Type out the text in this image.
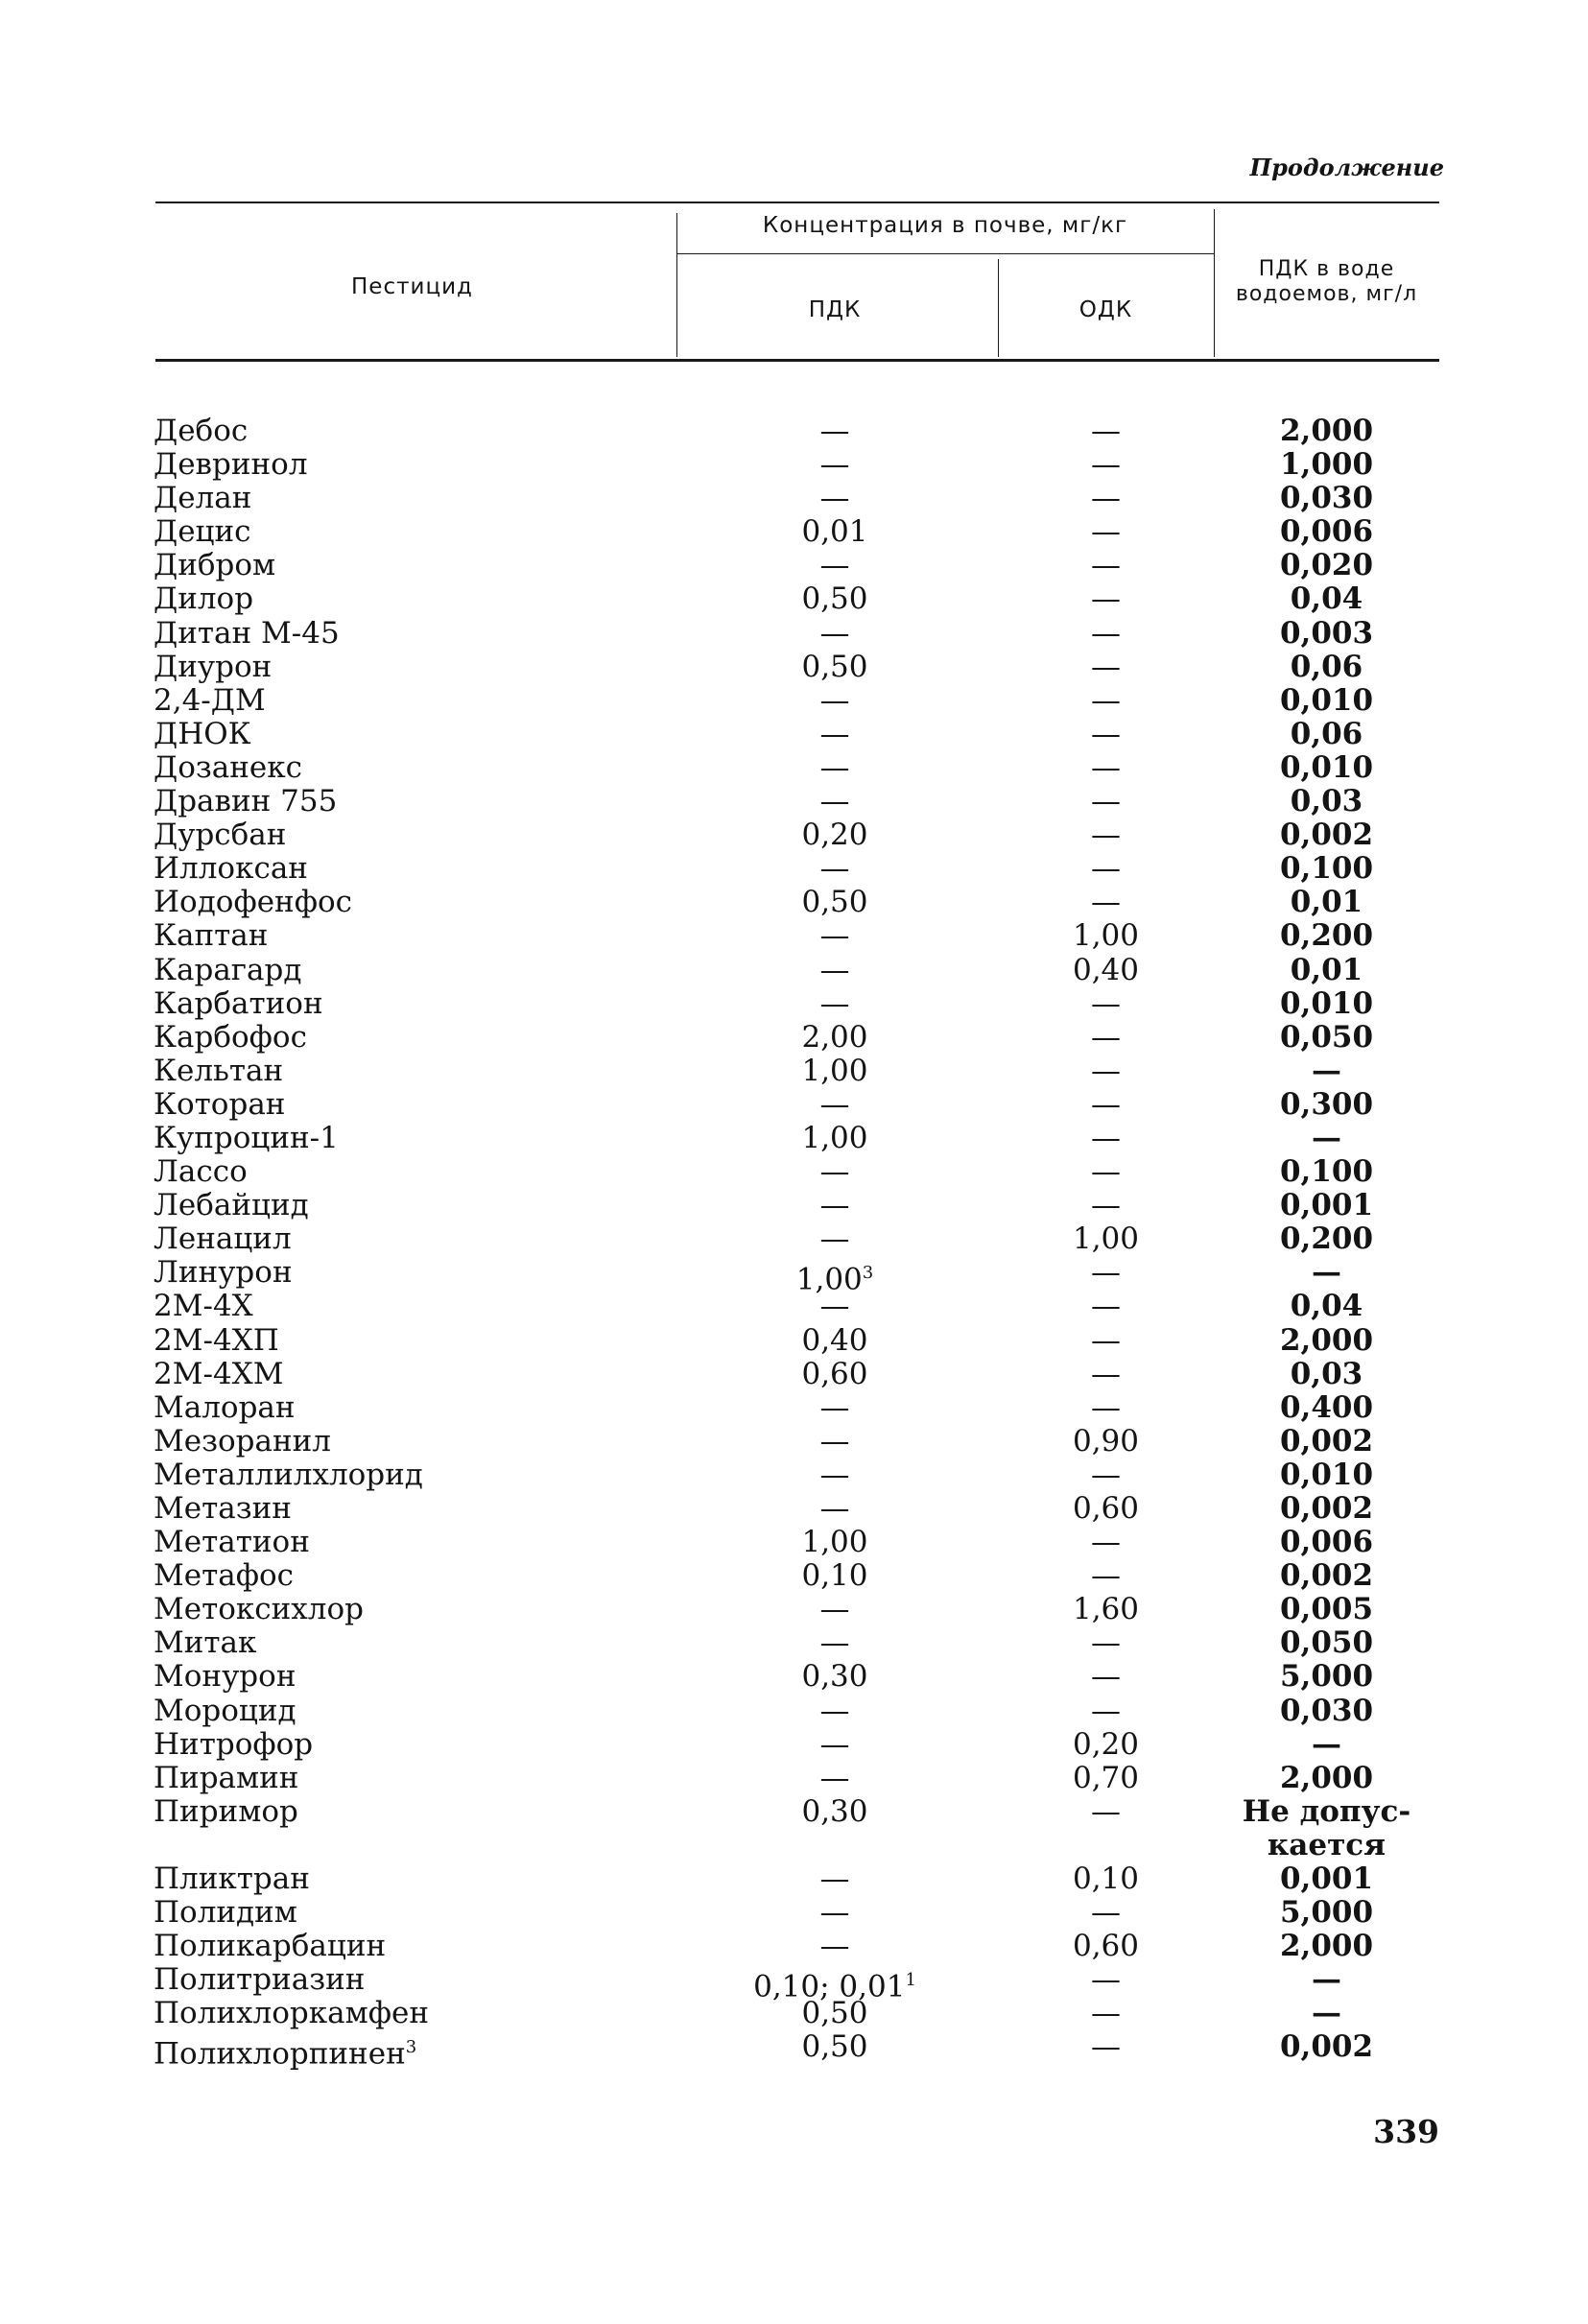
Продолжение
Пестицид
Концентрация в почве, мг/кг
ПДК	ОДК
ПДК в воде
водоемов, мг/л
Дебос	—	—	2,000
Девринол	—	—	1,000
Делан	—	—	0,030
Децис	0,01	—	0,006
Дибром	—	—	0,020
Дилор	0,50	—	0,04
Дитан М-45	—	—	0,003
Диурон	0,50	—	0,06
2,4-ДМ	—	—	0,010
ДНОК	—	—	0,06
Дозанекс	—	—	0,010
Дравин 755	—	—	0,03
Дурсбан	0,20	—	0,002
Иллоксан	—	—	0,100
Иодофенфос	0,50	—	0,01
Каптан	—	1,00	0,200
Карагард	—	0,40	0,01
Карбатион	—	—	0,010
Карбофос	2,00	—	0,050
Кельтан	1,00	—	—
Которан	—	—	0,300
Купроцин-1	1,00	—	—
Лассо	—	—	0,100
Лебайцид	—	—	0,001
Ленацил	—	1,00	0,200
Линурон	1,00$^3$	—	—
2М-4Х	—	—	0,04
2М-4ХП	0,40	—	2,000
2М-4ХМ	0,60	—	0,03
Малоран	—	—	0,400
Мезоранил	—	0,90	0,002
Металлилхлорид	—	—	0,010
Метазин	—	0,60	0,002
Метатион	1,00	—	0,006
Метафос	0,10	—	0,002
Метоксихлор	—	1,60	0,005
Митак	—	—	0,050
Монурон	0,30	—	5,000
Мороцид	—	—	0,030
Нитрофор	—	0,20	—
Пирамин	—	0,70	2,000
Пиримор	0,30	—	Не допус-
кается
Пликтран	—	0,10	0,001
Полидим	—	—	5,000
Поликарбацин	—	0,60	2,000
Политриазин	0,10; 0,01$^1$	—	—
Полихлоркамфен	0,50	—	—
Полихлорпинен$^3$	0,50	—	0,002
339
